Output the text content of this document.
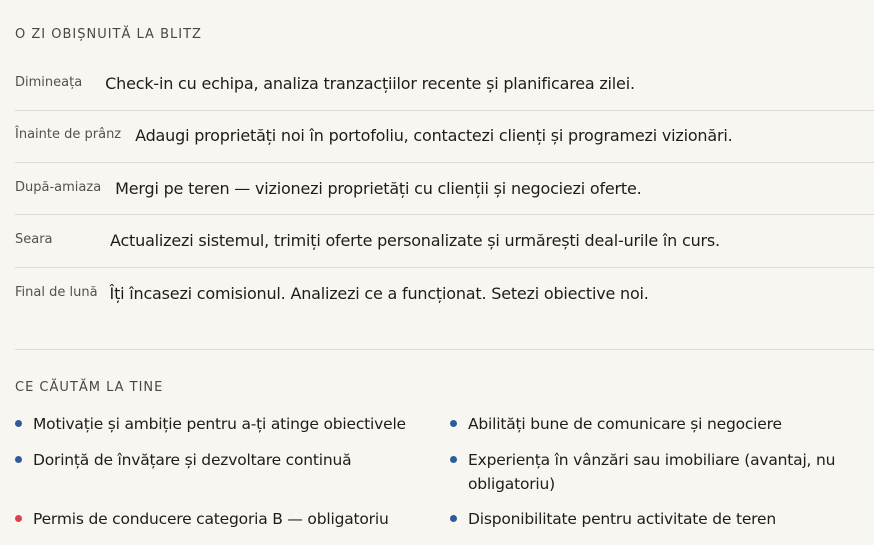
O ZI OBIȘNUITĂ LA BLITZ
Dimineața Check-in cu echipa, analiza tranzacțiilor recente și planificarea zilei.
Înainte de prânz Adaugi proprietăți noi în portofoliu, contactezi clienți și programezi vizionări.
După-amiaza Mergi pe teren — vizionezi proprietăți cu clienții și negociezi oferte.
Seara	Actualizezi sistemul, trimiți oferte personalizate și urmărești deal-urile în curs.
Final de lună Îți încasezi comisionul. Analizezi ce a funcționat. Setezi obiective noi.
CE CĂUTĂM LA TINE
Motivație și ambiție pentru a-ți atinge obiectivele	Abilități bune de comunicare și negociere
Dorință de învățare și dezvoltare continuă	Experiența în vânzări sau imobiliare (avantaj, nu obligatoriu)
Permis de conducere categoria B — obligatoriu	Disponibilitate pentru activitate de teren
